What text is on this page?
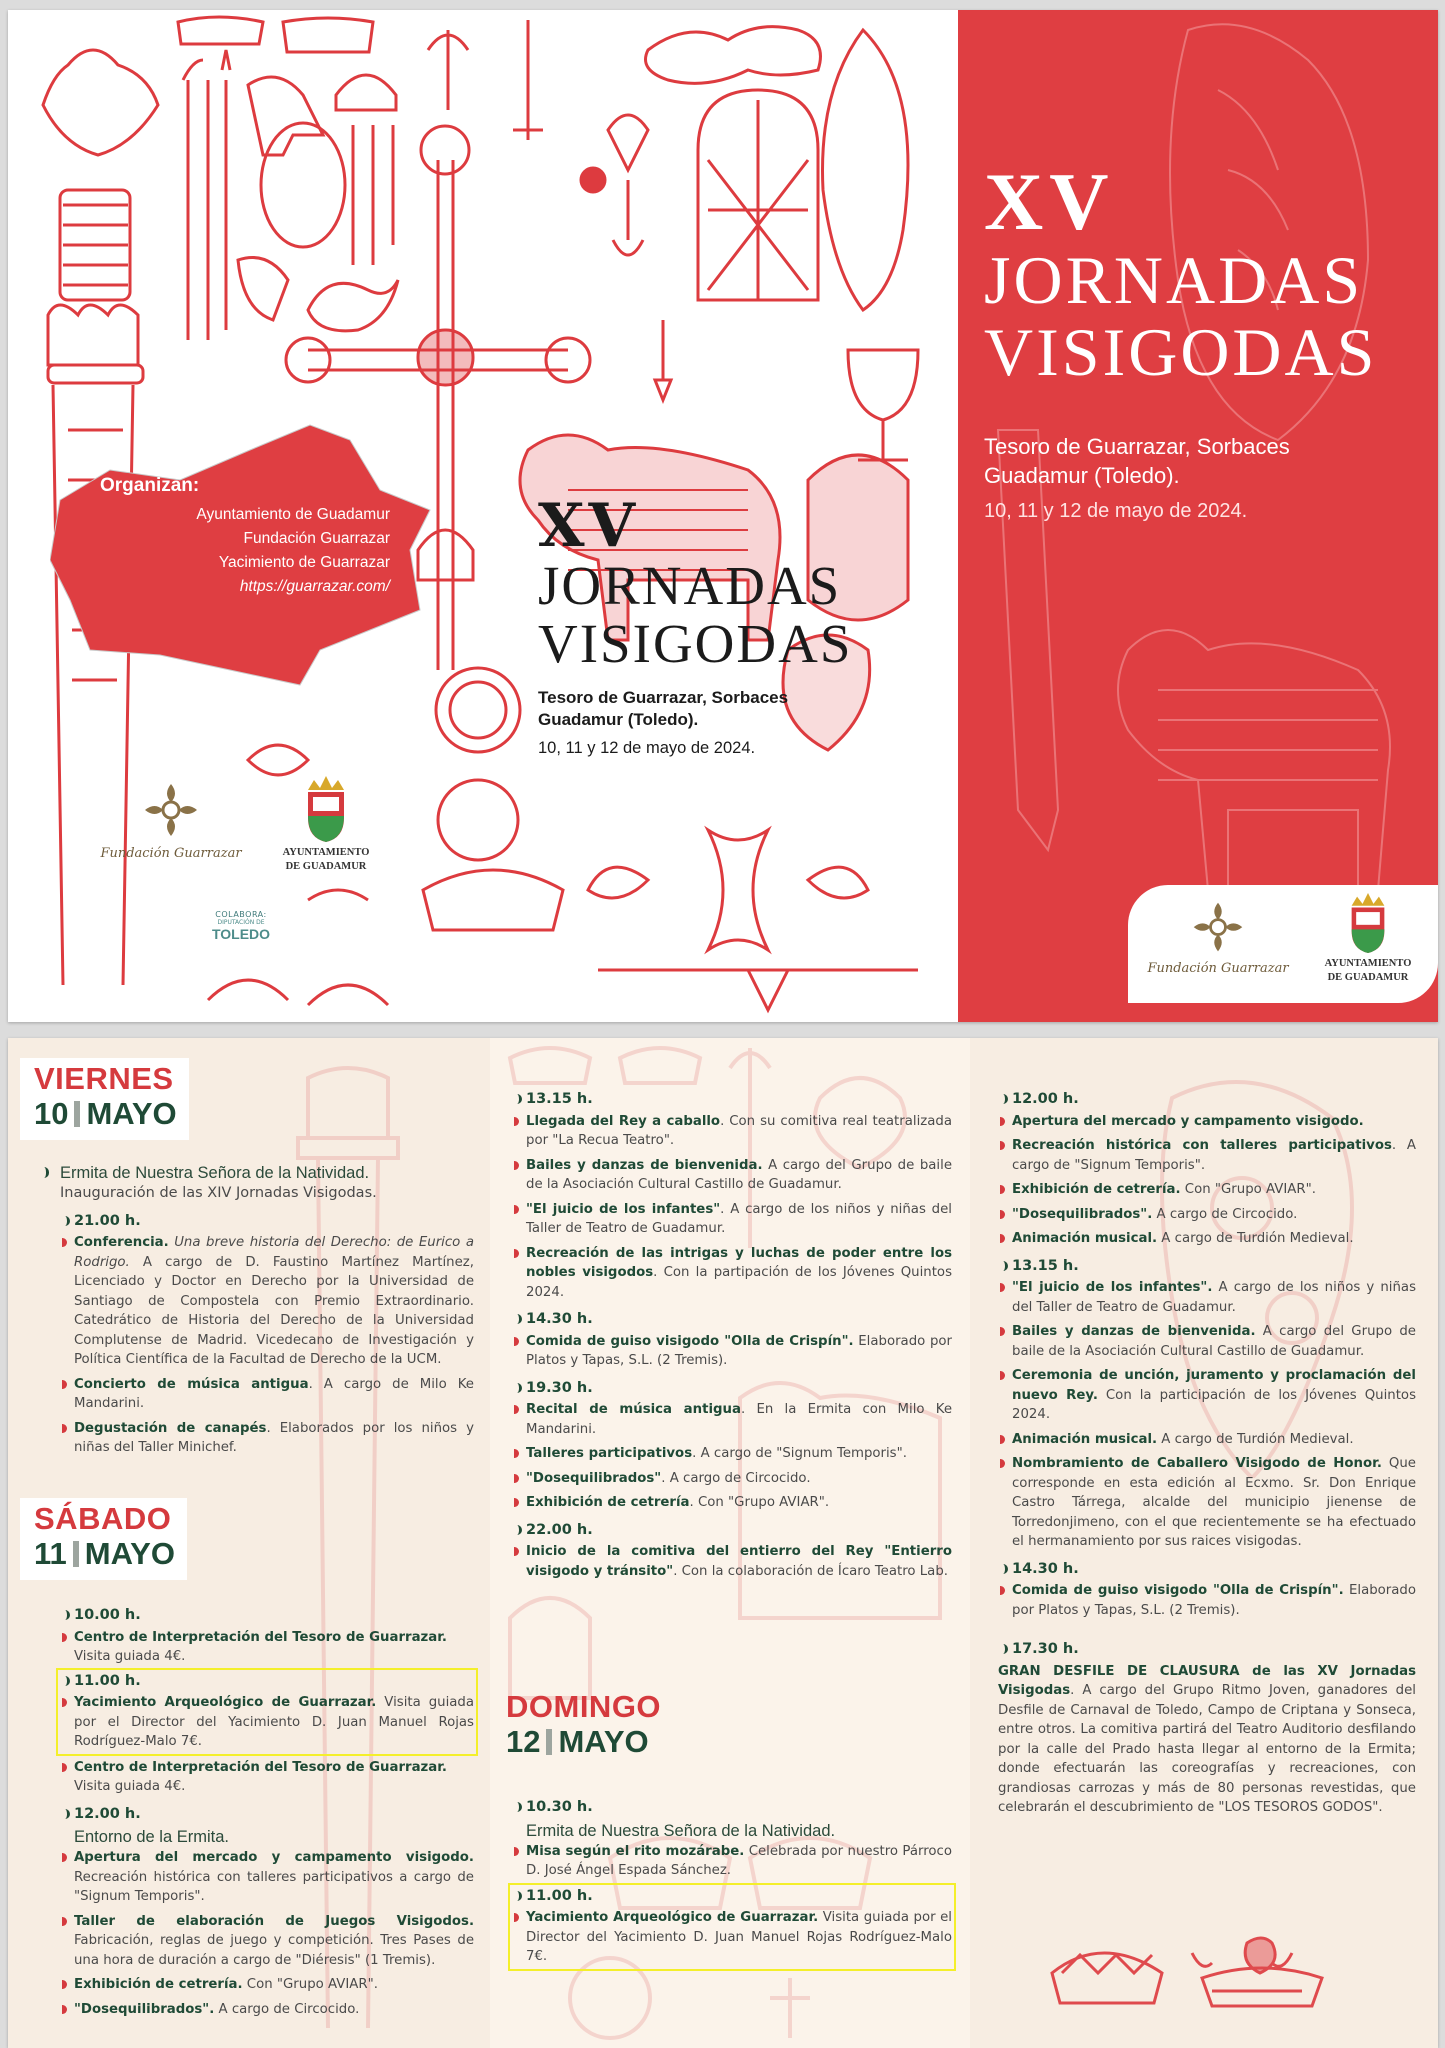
Organizan:
Ayuntamiento de Guadamur
Fundación Guarrazar
Yacimiento de Guarrazar
https://guarrazar.com/
Fundación Guarrazar	AYUNTAMIENTO
DE GUADAMUR
COLABORA:
DIPUTACIÓN DE
TOLEDO
XV
JORNADAS
VISIGODAS
Tesoro de Guarrazar, Sorbaces
Guadamur (Toledo).
10, 11 y 12 de mayo de 2024.
XV
JORNADAS
VISIGODAS
Tesoro de Guarrazar, Sorbaces
Guadamur (Toledo).
10, 11 y 12 de mayo de 2024.
Fundación Guarrazar	AYUNTAMIENTO
DE GUADAMUR
VIERNES
10 MAYO
Ermita de Nuestra Señora de la Natividad.
Inauguración de las XIV Jornadas Visigodas.
21.00 h.
Conferencia. Una breve historia del Derecho: de Eurico a Rodrigo. A cargo de D. Faustino Martínez Martínez, Licenciado y Doctor en Derecho por la Universidad de Santiago de Compostela con Premio Extraordinario. Catedrático de Historia del Derecho de la Universidad Complutense de Madrid. Vicedecano de Investigación y Política Científica de la Facultad de Derecho de la UCM.
Concierto de música antigua. A cargo de Milo Ke Mandarini.
Degustación de canapés. Elaborados por los niños y niñas del Taller Minichef.
SÁBADO
11 MAYO
10.00 h.
Centro de Interpretación del Tesoro de Guarrazar.
Visita guiada 4€.
11.00 h.
Yacimiento Arqueológico de Guarrazar. Visita guiada por el Director del Yacimiento D. Juan Manuel Rojas Rodríguez-Malo 7€.
Centro de Interpretación del Tesoro de Guarrazar.
Visita guiada 4€.
12.00 h.
Entorno de la Ermita.
Apertura del mercado y campamento visigodo. Recreación histórica con talleres participativos a cargo de "Signum Temporis".
Taller de elaboración de Juegos Visigodos. Fabricación, reglas de juego y competición. Tres Pases de una hora de duración a cargo de "Diéresis" (1 Tremis).
Exhibición de cetrería. Con "Grupo AVIAR".
"Dosequilibrados". A cargo de Circocido.
13.15 h.
Llegada del Rey a caballo. Con su comitiva real teatralizada por "La Recua Teatro".
Bailes y danzas de bienvenida. A cargo del Grupo de baile de la Asociación Cultural Castillo de Guadamur.
"El juicio de los infantes". A cargo de los niños y niñas del Taller de Teatro de Guadamur.
Recreación de las intrigas y luchas de poder entre los nobles visigodos. Con la partipación de los Jóvenes Quintos 2024.
14.30 h.
Comida de guiso visigodo "Olla de Crispín". Elaborado por Platos y Tapas, S.L. (2 Tremis).
19.30 h.
Recital de música antigua. En la Ermita con Milo Ke Mandarini.
Talleres participativos. A cargo de "Signum Temporis".
"Dosequilibrados". A cargo de Circocido.
Exhibición de cetrería. Con "Grupo AVIAR".
22.00 h.
Inicio de la comitiva del entierro del Rey "Entierro visigodo y tránsito". Con la colaboración de Ícaro Teatro Lab.
DOMINGO
12 MAYO
10.30 h.
Ermita de Nuestra Señora de la Natividad.
Misa según el rito mozárabe. Celebrada por nuestro Párroco D. José Ángel Espada Sánchez.
11.00 h.
Yacimiento Arqueológico de Guarrazar. Visita guiada por el Director del Yacimiento D. Juan Manuel Rojas Rodríguez-Malo 7€.
12.00 h.
Apertura del mercado y campamento visigodo.
Recreación histórica con talleres participativos. A cargo de "Signum Temporis".
Exhibición de cetrería. Con "Grupo AVIAR".
"Dosequilibrados". A cargo de Circocido.
Animación musical. A cargo de Turdión Medieval.
13.15 h.
"El juicio de los infantes". A cargo de los niños y niñas del Taller de Teatro de Guadamur.
Bailes y danzas de bienvenida. A cargo del Grupo de baile de la Asociación Cultural Castillo de Guadamur.
Ceremonia de unción, juramento y proclamación del nuevo Rey. Con la participación de los Jóvenes Quintos 2024.
Animación musical. A cargo de Turdión Medieval.
Nombramiento de Caballero Visigodo de Honor. Que corresponde en esta edición al Ecxmo. Sr. Don Enrique Castro Tárrega, alcalde del municipio jienense de Torredonjimeno, con el que recientemente se ha efectuado el hermanamiento por sus raices visigodas.
14.30 h.
Comida de guiso visigodo "Olla de Crispín". Elaborado por Platos y Tapas, S.L. (2 Tremis).
17.30 h.
GRAN DESFILE DE CLAUSURA de las XV Jornadas Visigodas. A cargo del Grupo Ritmo Joven, ganadores del Desfile de Carnaval de Toledo, Campo de Criptana y Sonseca, entre otros. La comitiva partirá del Teatro Auditorio desfilando por la calle del Prado hasta llegar al entorno de la Ermita; donde efectuarán las coreografías y recreaciones, con grandiosas carrozas y más de 80 personas revestidas, que celebrarán el descubrimiento de "LOS TESOROS GODOS".
